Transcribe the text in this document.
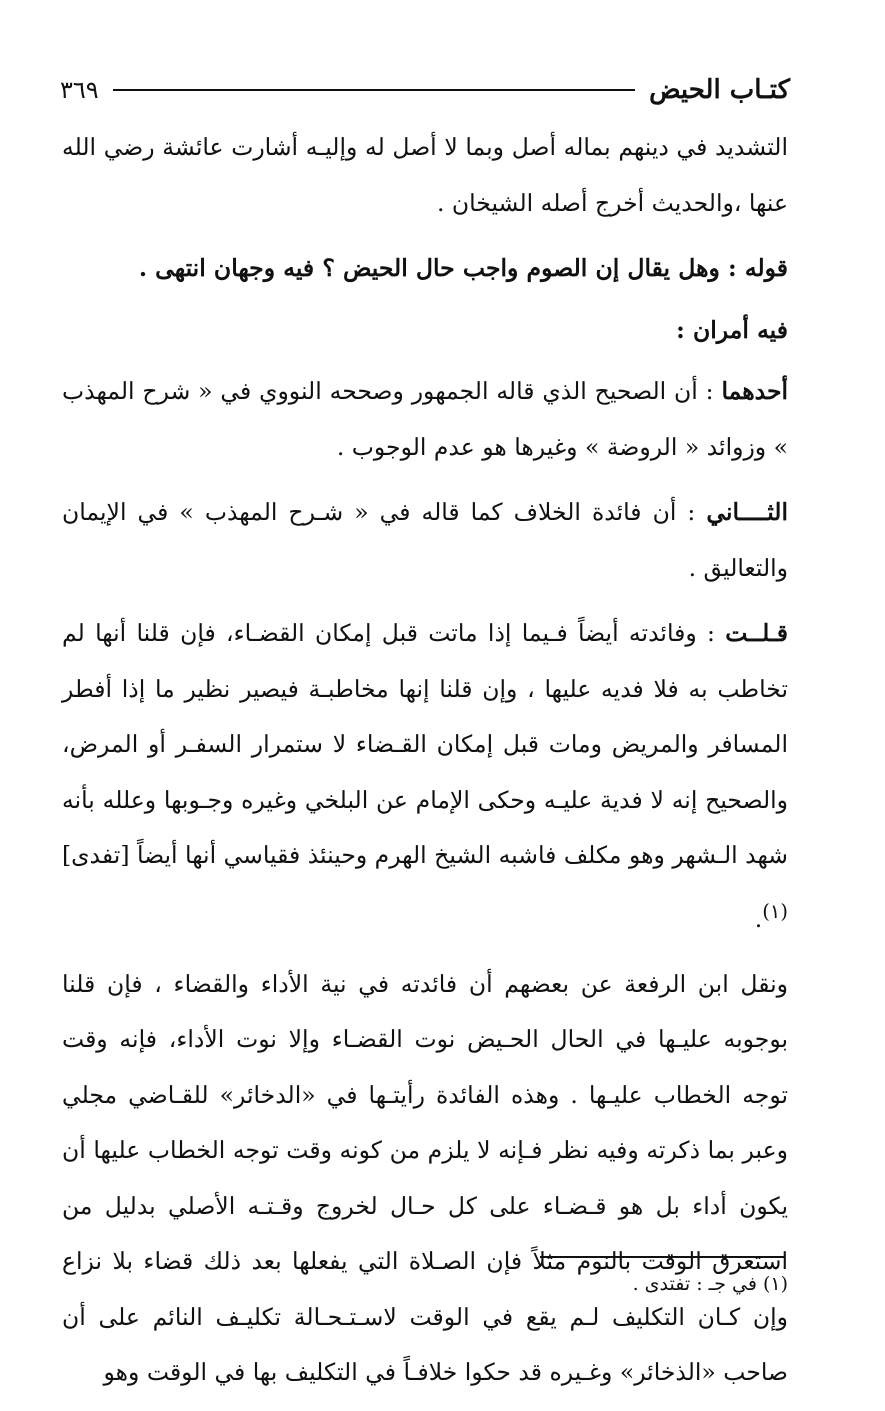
كتـاب الحيض
٣٦٩

التشديد في دينهم بماله أصل وبما لا أصل له وإليـه أشارت عائشة رضي الله عنها ،والحديث أخرج أصله الشيخان .

قوله : وهل يقال إن الصوم واجب حال الحيض ؟ فيه وجهان انتهى .

فيه أمران :

أحدهما : أن الصحيح الذي قاله الجمهور وصححه النووي في « شرح المهذب » وزوائد « الروضة » وغيرها هو عدم الوجوب .

الثــــاني : أن فائدة الخلاف كما قاله في « شـرح المهذب » في الإيمان والتعاليق .

قـلــت : وفائدته أيضاً فـيما إذا ماتت قبل إمكان القضـاء، فإن قلنا أنها لم تخاطب به فلا فديه عليها ، وإن قلنا إنها مخاطبـة فيصير نظير ما إذا أفطر المسافر والمريض ومات قبل إمكان القـضاء لا ستمرار السفـر أو المرض، والصحيح إنه لا فدية عليـه وحكى الإمام عن البلخي وغيره وجـوبها وعلله بأنه شهد الـشهر وهو مكلف فاشبه الشيخ الهرم وحينئذ فقياسي أنها أيضاً [تفدى]$^{(١)}$.

ونقل ابن الرفعة عن بعضهم أن فائدته في نية الأداء والقضاء ، فإن قلنا بوجوبه عليـها في الحال الحـيض نوت القضـاء وإلا نوت الأداء، فإنه وقت توجه الخطاب عليـها . وهذه الفائدة رأيتـها في «الدخائر» للقـاضي مجلي وعبر بما ذكرته وفيه نظر فـإنه لا يلزم من كونه وقت توجه الخطاب عليها أن يكون أداء بل هو قـضـاء على كل حـال لخروج وقـتـه الأصلي بدليل من استغرق الوقت بالنوم مثلاً فإن الصـلاة التي يفعلها بعد ذلك قضاء بلا نزاع وإن كـان التكليف لـم يقع في الوقت لاسـتـحـالة تكليـف النائم على أن صاحب «الذخائر» وغـيره قد حكوا خلافـاً في التكليف بها في الوقت وهو

(١) في جـ : تفتدى .
